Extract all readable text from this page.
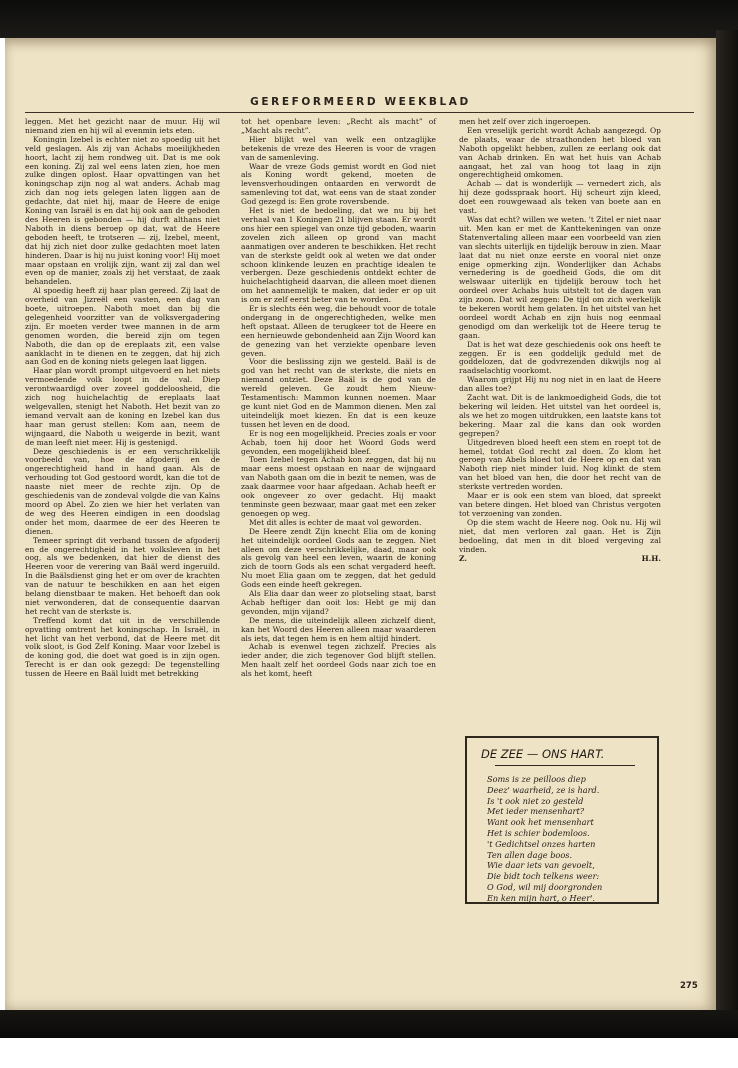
GEREFORMEERD WEEKBLAD

leggen. Met het gezicht naar de muur. Hij wil niemand zien en hij wil al evenmin iets eten.

Koningin Izebel is echter niet zo spoedig uit het veld geslagen. Als zij van Achabs moeilijkheden hoort, lacht zij hem rondweg uit. Dat is me ook een koning. Zij zal wel eens laten zien, hoe men zulke dingen oplost. Haar opvattingen van het koningschap zijn nog al wat anders. Achab mag zich dan nog iets gelegen laten liggen aan de gedachte, dat niet hij, maar de Heere de enige Koning van Israël is en dat hij ook aan de geboden des Heeren is gebonden — hij durft althans niet Naboth in diens beroep op dat, wat de Heere geboden heeft, te trotseren — zij, Izebel, meent, dat hij zich niet door zulke gedachten moet laten hinderen. Daar is hij nu juist koning voor! Hij moet maar opstaan en vrolijk zijn, want zij zal dan wel even op de manier, zoals zij het verstaat, de zaak behandelen.

Al spoedig heeft zij haar plan gereed. Zij laat de overheid van Jizreël een vasten, een dag van boete, uitroepen. Naboth moet dan bij die gelegenheid voorzitter van de volksvergadering zijn. Er moeten verder twee mannen in de arm genomen worden, die bereid zijn om tegen Naboth, die dan op de ereplaats zit, een valse aanklacht in te dienen en te zeggen, dat hij zich aan God en de koning niets gelegen laat liggen.

Haar plan wordt prompt uitgevoerd en het niets vermoedende volk loopt in de val. Diep verontwaardigd over zoveel goddeloosheid, die zich nog huichelachtig de ereplaats laat welgevallen, stenigt het Naboth. Het bezit van zo iemand vervalt aan de koning en Izebel kan dus haar man gerust stellen: Kom aan, neem de wijngaard, die Naboth u weigerde in bezit, want de man leeft niet meer. Hij is gestenigd.

Deze geschiedenis is er een verschrikkelijk voorbeeld van, hoe de afgoderij en de ongerechtigheid hand in hand gaan. Als de verhouding tot God gestoord wordt, kan die tot de naaste niet meer de rechte zijn. Op de geschiedenis van de zondeval volgde die van Kaïns moord op Abel. Zo zien we hier het verlaten van de weg des Heeren eindigen in een doodslag onder het mom, daarmee de eer des Heeren te dienen.

Temeer springt dit verband tussen de afgoderij en de ongerechtigheid in het volksleven in het oog, als we bedenken, dat hier de dienst des Heeren voor de verering van Baäl werd ingeruild. In die Baälsdienst ging het er om over de krachten van de natuur te beschikken en aan het eigen belang dienstbaar te maken. Het behoeft dan ook niet verwonderen, dat de consequentie daarvan het recht van de sterkste is.

Treffend komt dat uit in de verschillende opvatting omtrent het koningschap. In Israël, in het licht van het verbond, dat de Heere met dit volk sloot, is God Zelf Koning. Maar voor Izebel is de koning god, die doet wat goed is in zijn ogen. Terecht is er dan ook gezegd: De tegenstelling tussen de Heere en Baäl luidt met betrekking

tot het openbare leven: „Recht als macht” of „Macht als recht”.

Hier blijkt wel van welk een ontzaglijke betekenis de vreze des Heeren is voor de vragen van de samenleving.

Waar de vreze Gods gemist wordt en God niet als Koning wordt gekend, moeten de levensverhoudingen ontaarden en verwordt de samenleving tot dat, wat eens van de staat zonder God gezegd is: Een grote roversbende.

Het is niet de bedoeling, dat we nu bij het verhaal van 1 Koningen 21 blijven staan. Er wordt ons hier een spiegel van onze tijd geboden, waarin zovelen zich alleen op grond van macht aanmatigen over anderen te beschikken. Het recht van de sterkste geldt ook al weten we dat onder schoon klinkende leuzen en prachtige idealen te verbergen. Deze geschiedenis ontdekt echter de huichelachtigheid daarvan, die alleen moet dienen om het aannemelijk te maken, dat ieder er op uit is om er zelf eerst beter van te worden.

Er is slechts één weg, die behoudt voor de totale ondergang in de ongerechtigheden, welke men heft opstaat. Alleen de terugkeer tot de Heere en een hernieuwde gebondenheid aan Zijn Woord kan de genezing van het verziekte openbare leven geven.

Voor die beslissing zijn we gesteld. Baäl is de god van het recht van de sterkste, die niets en niemand ontziet. Deze Baäl is de god van de wereld geleven. Ge zoudt hem Nieuw-Testamentisch: Mammon kunnen noemen. Maar ge kunt niet God en de Mammon dienen. Men zal uiteindelijk moet kiezen. En dat is een keuze tussen het leven en de dood.

Er is nog een mogelijkheid. Precies zoals er voor Achab, toen hij door het Woord Gods werd gevonden, een mogelijkheid bleef.

Toen Izebel tegen Achab kon zeggen, dat hij nu maar eens moest opstaan en naar de wijngaard van Naboth gaan om die in bezit te nemen, was de zaak daarmee voor haar afgedaan. Achab heeft er ook ongeveer zo over gedacht. Hij maakt tenminste geen bezwaar, maar gaat met een zeker genoegen op weg.

Met dit alles is echter de maat vol geworden.

De Heere zendt Zijn knecht Elia om de koning het uiteindelijk oordeel Gods aan te zeggen. Niet alleen om deze verschrikkelijke, daad, maar ook als gevolg van heel een leven, waarin de koning zich de toorn Gods als een schat vergaderd heeft. Nu moet Elia gaan om te zeggen, dat het geduld Gods een einde heeft gekregen.

Als Elia daar dan weer zo plotseling staat, barst Achab heftiger dan ooit los: Hebt ge mij dan gevonden, mijn vijand?

De mens, die uiteindelijk alleen zichzelf dient, kan het Woord des Heeren alleen maar waarderen als iets, dat tegen hem is en hem altijd hindert.

Achab is evenwel tegen zichzelf. Precies als ieder ander, die zich tegenover God blijft stellen. Men haalt zelf het oordeel Gods naar zich toe en als het komt, heeft

men het zelf over zich ingeroepen.

Een vreselijk gericht wordt Achab aangezegd. Op de plaats, waar de straathonden het bloed van Naboth opgelikt hebben, zullen ze eerlang ook dat van Achab drinken. En wat het huis van Achab aangaat, het zal van hoog tot laag in zijn ongerechtigheid omkomen.

Achab — dat is wonderlijk — vernedert zich, als hij deze godsspraak hoort. Hij scheurt zijn kleed, doet een rouwgewaad als teken van boete aan en vast.

Was dat echt? willen we weten. 't Zitel er niet naar uit. Men kan er met de Kanttekeningen van onze Statenvertaling alleen maar een voorbeeld van zien van slechts uiterlijk en tijdelijk berouw in zien. Maar laat dat nu niet onze eerste en vooral niet onze enige opmerking zijn. Wonderlijker dan Achabs vernedering is de goedheid Gods, die om dit welswaar uiterlijk en tijdelijk berouw toch het oordeel over Achabs huis uitstelt tot de dagen van zijn zoon. Dat wil zeggen: De tijd om zich werkelijk te bekeren wordt hem gelaten. In het uitstel van het oordeel wordt Achab en zijn huis nog eenmaal genodigd om dan werkelijk tot de Heere terug te gaan.

Dat is het wat deze geschiedenis ook ons heeft te zeggen. Er is een goddelijk geduld met de goddelozen, dat de godvrezenden dikwijls nog al raadselachtig voorkomt.

Waarom grijpt Hij nu nog niet in en laat de Heere dan alles toe?

Zacht wat. Dit is de lankmoedigheid Gods, die tot bekering wil leiden. Het uitstel van het oordeel is, als we het zo mogen uitdrukken, een laatste kans tot bekering. Maar zal die kans dan ook worden gegrepen?

Uitgedreven bloed heeft een stem en roept tot de hemel, totdat God recht zal doen. Zo klom het geroep van Abels bloed tot de Heere op en dat van Naboth riep niet minder luid. Nog klinkt de stem van het bloed van hen, die door het recht van de sterkste vertreden worden.

Maar er is ook een stem van bloed, dat spreekt van betere dingen. Het bloed van Christus vergoten tot verzoening van zonden.

Op die stem wacht de Heere nog. Ook nu. Hij wil niet, dat men verloren zal gaan. Het is Zijn bedoeling, dat men in dit bloed vergeving zal vinden.

Z.	H.H.
DE ZEE — ONS HART.
Soms is ze peilloos diep
Deez' waarheid, ze is hard.
Is 't ook niet zo gesteld
Met ieder mensenhart?
Want ook het mensenhart
Het is schier bodemloos.
't Gedichtsel onzes harten
Ten allen dage boos.
Wie daar iets van gevoelt,
Die bidt toch telkens weer:
O God, wil mij doorgronden
En ken mijn hart, o Heer'.
275
